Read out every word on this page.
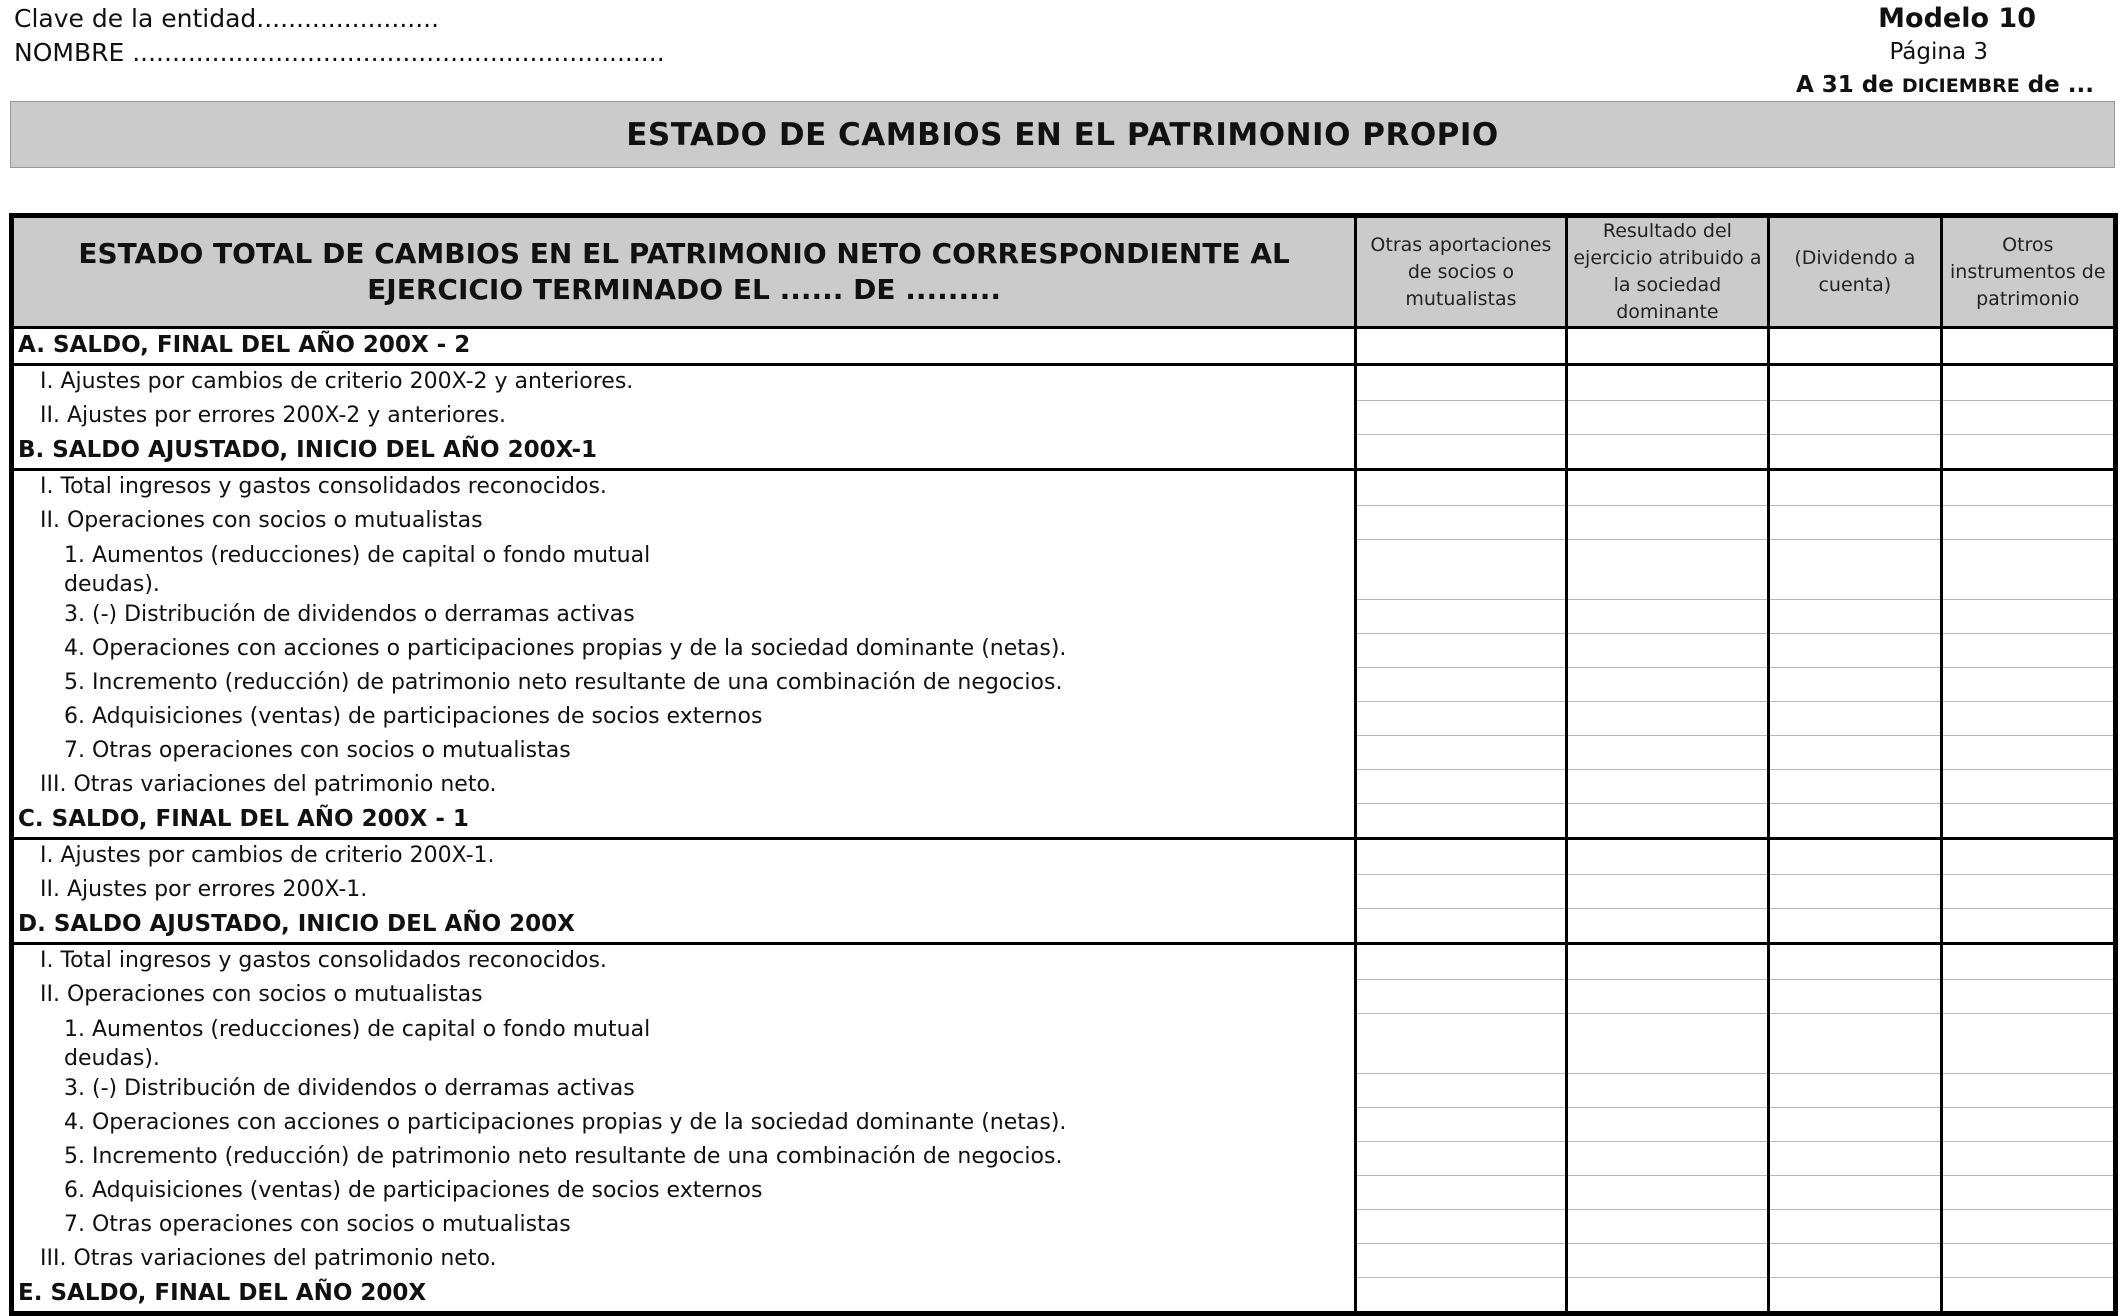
Clave de la entidad.......................
NOMBRE ...................................................................
Modelo 10
Página 3
A 31 de DICIEMBRE de ...
ESTADO DE CAMBIOS EN EL PATRIMONIO PROPIO
ESTADO TOTAL DE CAMBIOS EN EL PATRIMONIO NETO CORRESPONDIENTE AL EJERCICIO TERMINADO EL ...... DE .........	Otras aportaciones de socios o mutualistas	Resultado del ejercicio atribuido a la sociedad dominante	(Dividendo a cuenta)	Otros instrumentos de patrimonio
A. SALDO, FINAL DEL AÑO 200X - 2				
I. Ajustes por cambios de criterio 200X-2 y anteriores.				
II. Ajustes por errores 200X-2 y anteriores.				
B. SALDO AJUSTADO, INICIO DEL AÑO 200X-1				
I. Total ingresos y gastos consolidados reconocidos.				
II. Operaciones con socios o mutualistas				

1. Aumentos (reducciones) de capital o fondo mutual deudas).				

3. (-) Distribución de dividendos o derramas activas				
4. Operaciones con acciones o participaciones propias y de la sociedad dominante (netas).				
5. Incremento (reducción) de patrimonio neto resultante de una combinación de negocios.				
6. Adquisiciones (ventas) de participaciones de socios externos				
7. Otras operaciones con socios o mutualistas				
III. Otras variaciones del patrimonio neto.				
C. SALDO, FINAL DEL AÑO 200X - 1				
I. Ajustes por cambios de criterio 200X-1.				
II. Ajustes por errores 200X-1.				
D. SALDO AJUSTADO, INICIO DEL AÑO 200X				
I. Total ingresos y gastos consolidados reconocidos.				
II. Operaciones con socios o mutualistas				

1. Aumentos (reducciones) de capital o fondo mutual deudas).				

3. (-) Distribución de dividendos o derramas activas				
4. Operaciones con acciones o participaciones propias y de la sociedad dominante (netas).				
5. Incremento (reducción) de patrimonio neto resultante de una combinación de negocios.				
6. Adquisiciones (ventas) de participaciones de socios externos				
7. Otras operaciones con socios o mutualistas				
III. Otras variaciones del patrimonio neto.				
E. SALDO, FINAL DEL AÑO 200X				
